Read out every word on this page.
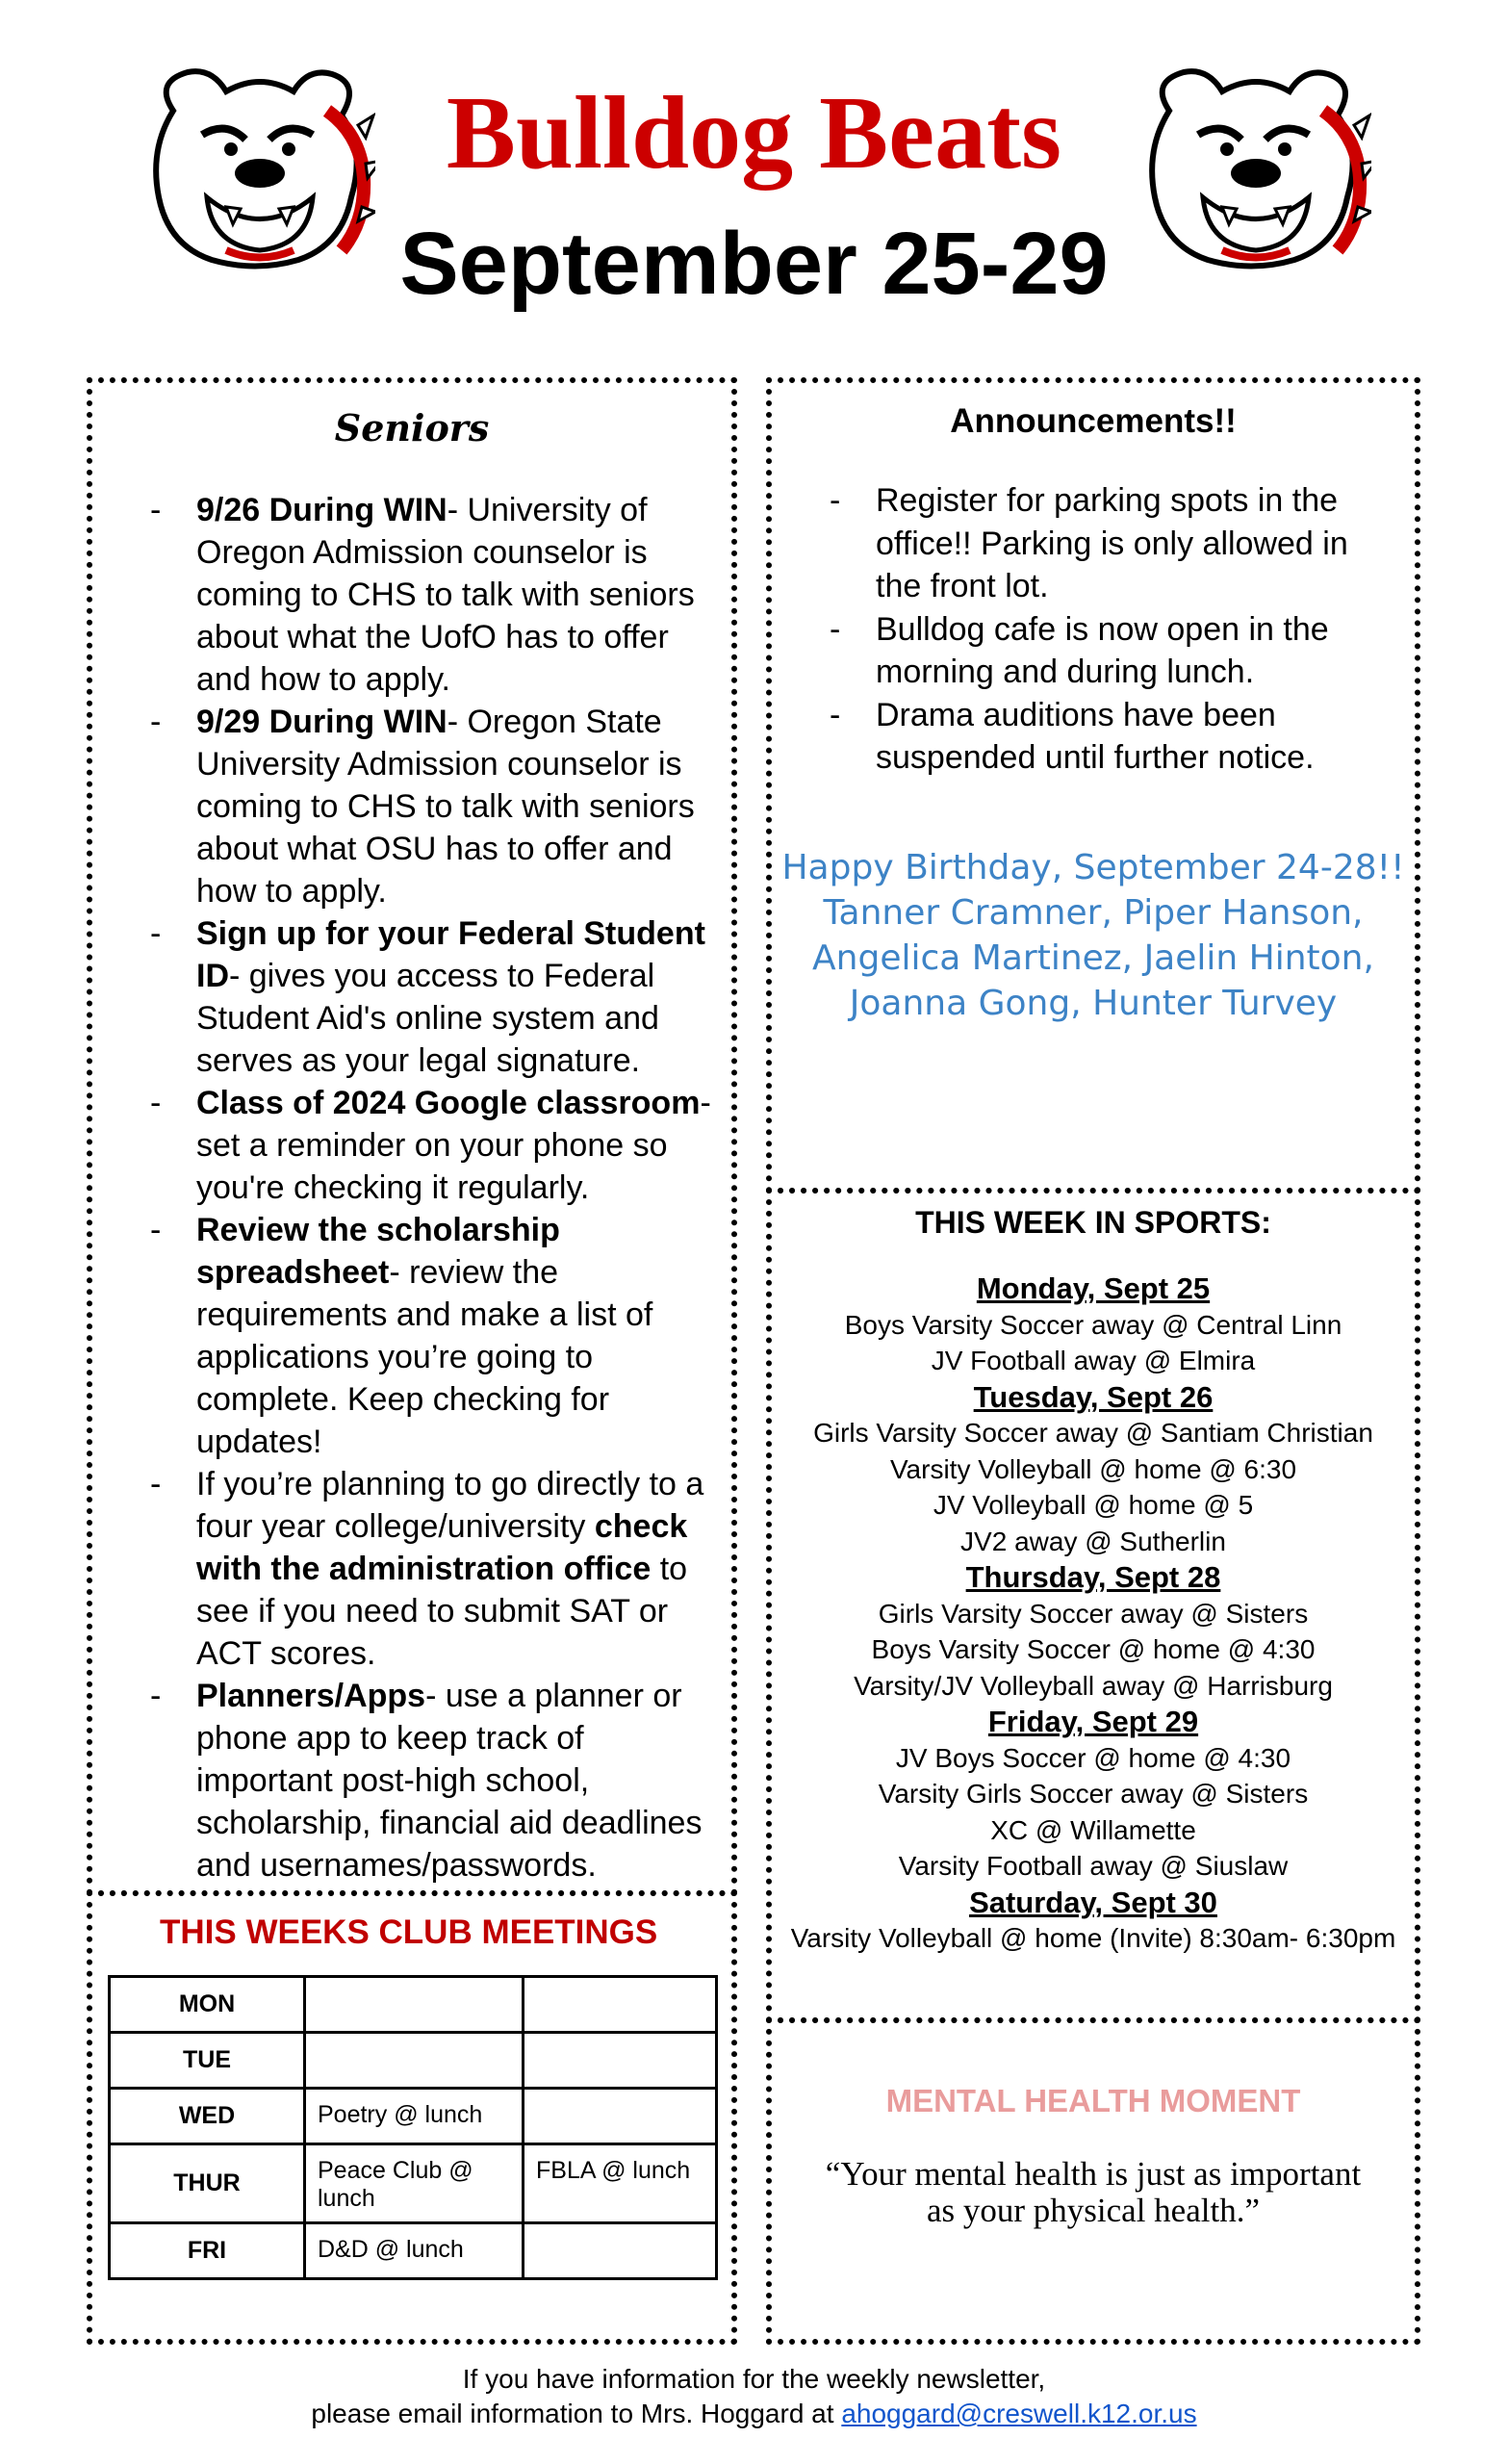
Bulldog Beats
September 25-29
Seniors
- 9/26 During WIN- University of Oregon Admission counselor is coming to CHS to talk with seniors about what the UofO has to offer and how to apply.
- 9/29 During WIN- Oregon State University Admission counselor is coming to CHS to talk with seniors about what OSU has to offer and how to apply.
- Sign up for your Federal Student ID- gives you access to Federal Student Aid's online system and serves as your legal signature.
- Class of 2024 Google classroom- set a reminder on your phone so you're checking it regularly.
- Review the scholarship spreadsheet- review the requirements and make a list of applications you’re going to complete. Keep checking for updates!
- If you’re planning to go directly to a four year college/university check with the administration office to see if you need to submit SAT or ACT scores.
- Planners/Apps- use a planner or phone app to keep track of important post-high school, scholarship, financial aid deadlines and usernames/passwords.
THIS WEEKS CLUB MEETINGS
MON		
TUE		
WED	Poetry @ lunch	
THUR	Peace Club @ lunch	FBLA @ lunch
FRI	D&D @ lunch	
Announcements!!
- Register for parking spots in the office!! Parking is only allowed in the front lot.
- Bulldog cafe is now open in the morning and during lunch.
- Drama auditions have been suspended until further notice.
Happy Birthday, September 24-28!!
Tanner Cramner, Piper Hanson, Angelica Martinez, Jaelin Hinton, Joanna Gong, Hunter Turvey
THIS WEEK IN SPORTS:
Monday, Sept 25
Boys Varsity Soccer away @ Central Linn
JV Football away @ Elmira
Tuesday, Sept 26
Girls Varsity Soccer away @ Santiam Christian
Varsity Volleyball @ home @ 6:30
JV Volleyball @ home @ 5
JV2 away @ Sutherlin
Thursday, Sept 28
Girls Varsity Soccer away @ Sisters
Boys Varsity Soccer @ home @ 4:30
Varsity/JV Volleyball away @ Harrisburg
Friday, Sept 29
JV Boys Soccer @ home @ 4:30
Varsity Girls Soccer away @ Sisters
XC @ Willamette
Varsity Football away @ Siuslaw
Saturday, Sept 30
Varsity Volleyball @ home (Invite) 8:30am- 6:30pm
MENTAL HEALTH MOMENT
“Your mental health is just as important as your physical health.”
If you have information for the weekly newsletter,
please email information to Mrs. Hoggard at ahoggard@creswell.k12.or.us
